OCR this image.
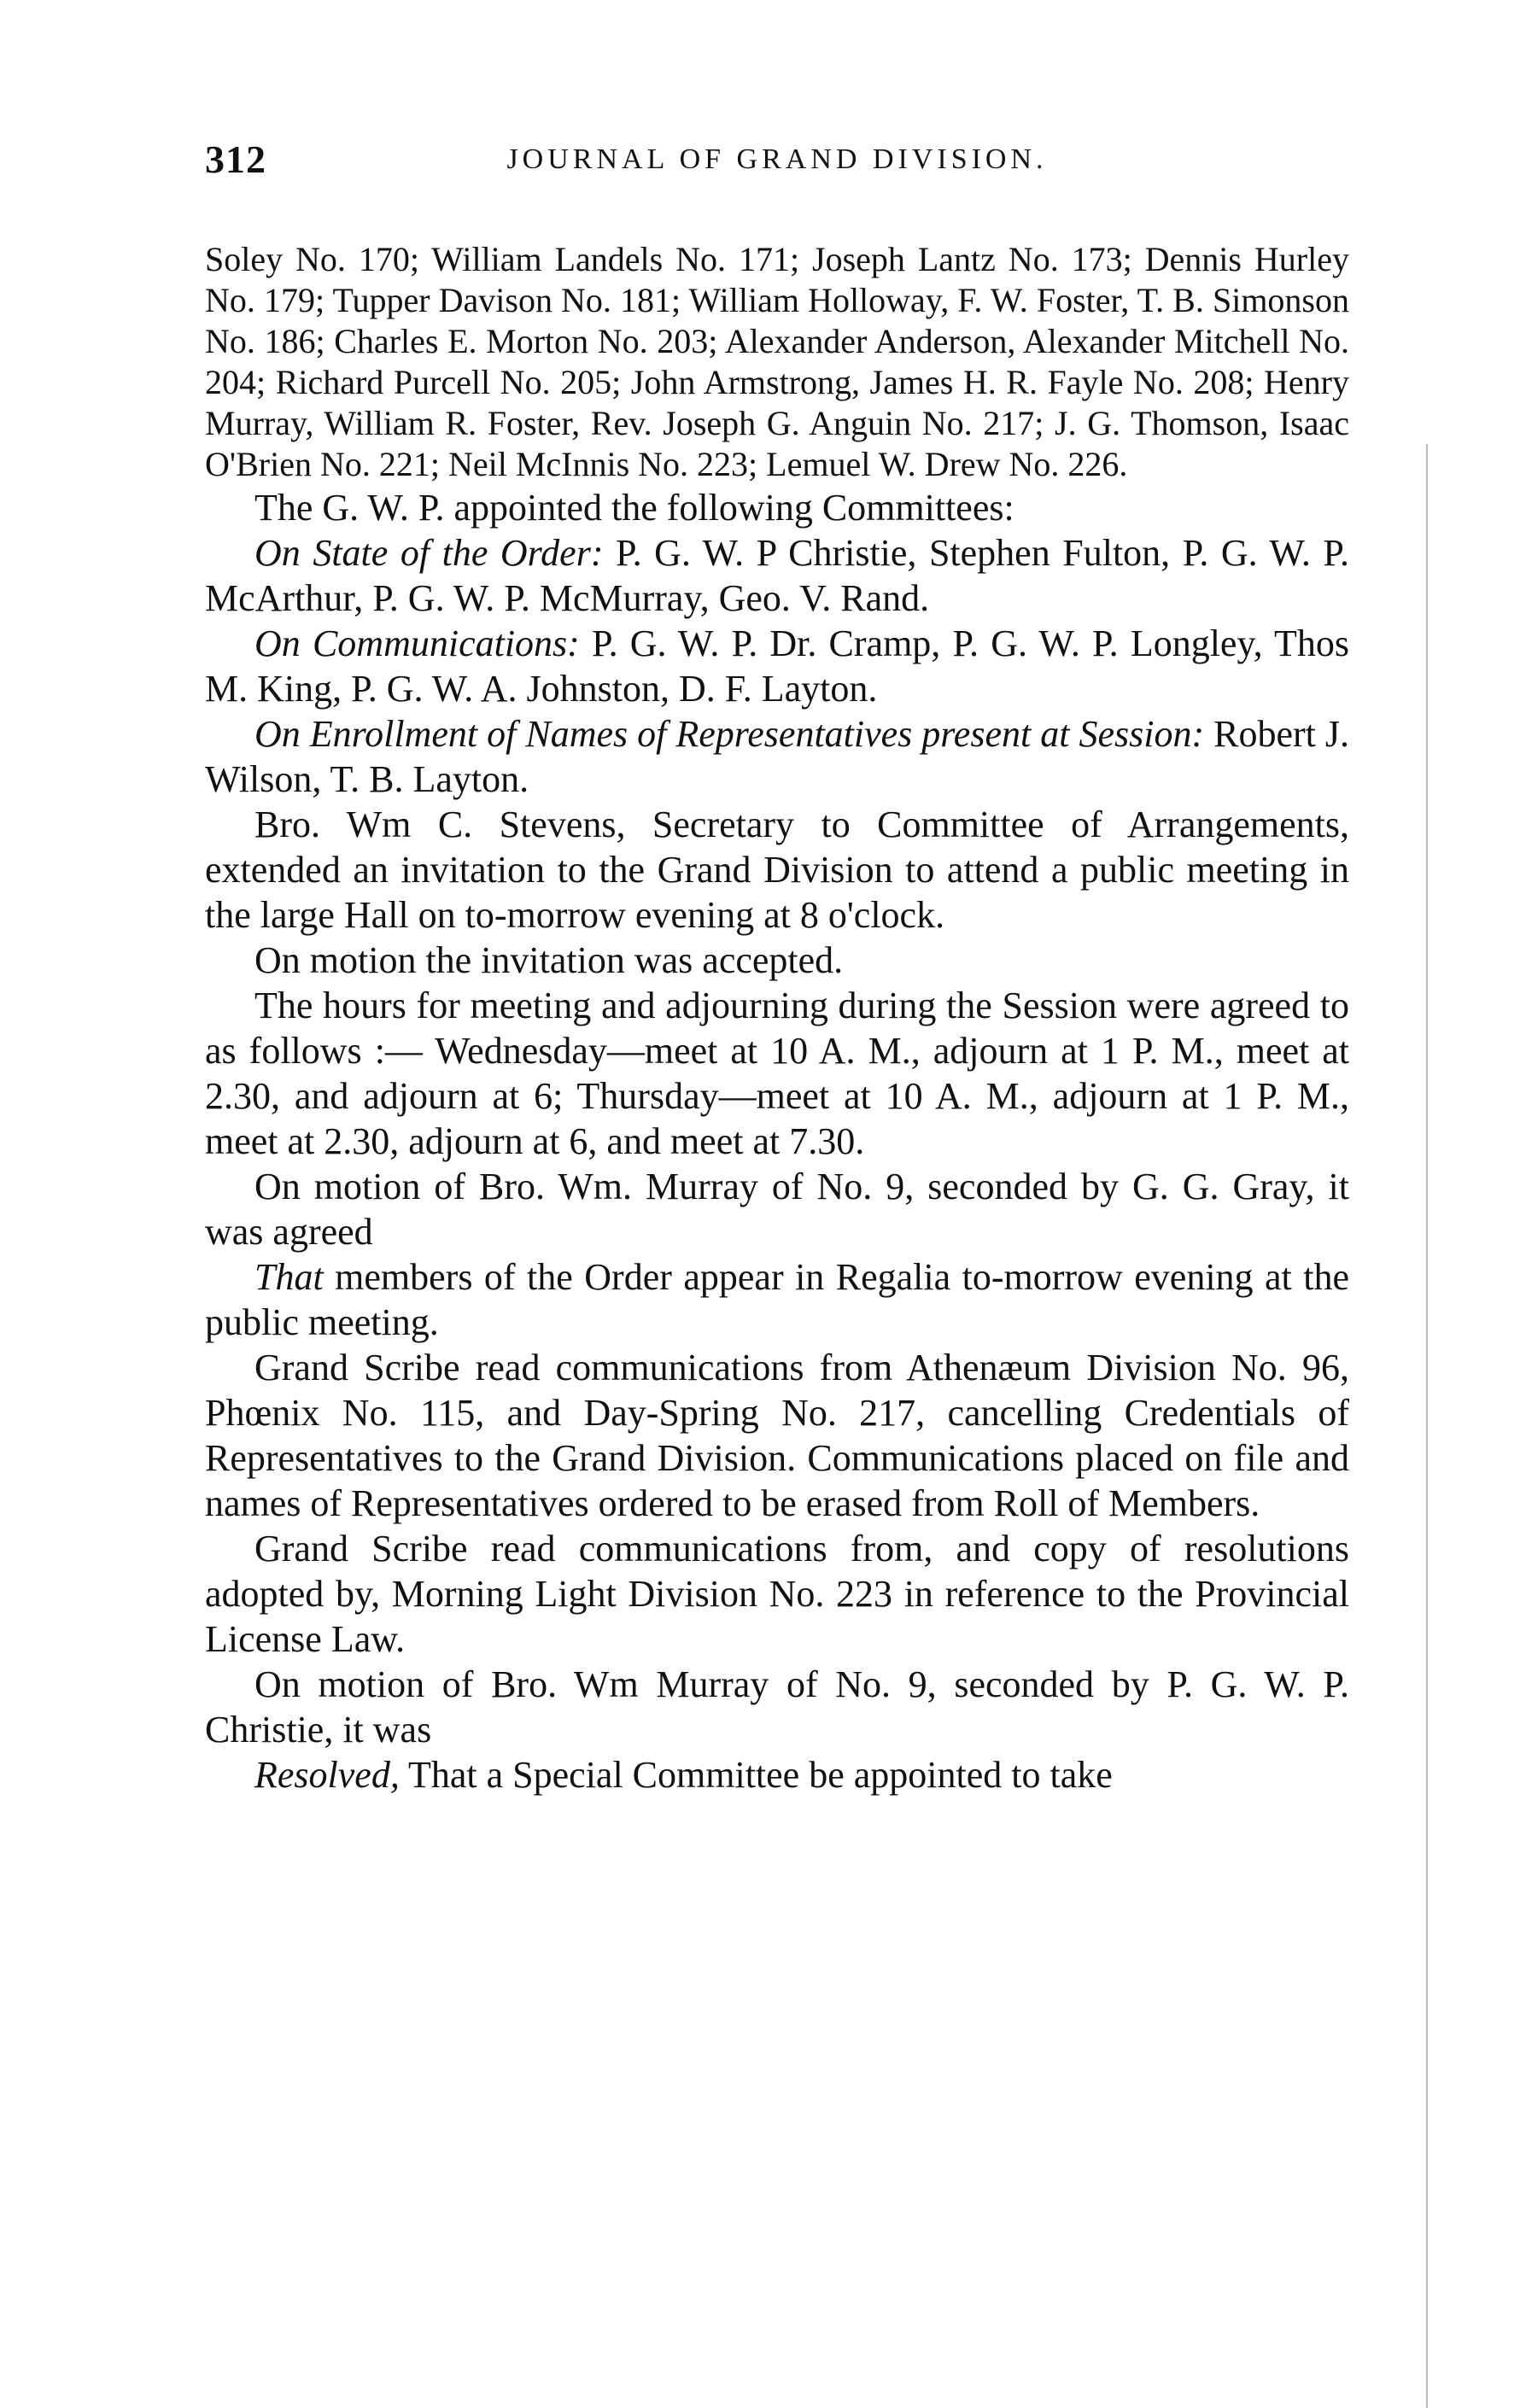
312	JOURNAL OF GRAND DIVISION.

Soley No. 170; William Landels No. 171; Joseph Lantz No. 173; Dennis Hurley No. 179; Tupper Davison No. 181; William Holloway, F. W. Foster, T. B. Simonson No. 186; Charles E. Morton No. 203; Alexander Anderson, Alexander Mitchell No. 204; Richard Purcell No. 205; John Armstrong, James H. R. Fayle No. 208; Henry Murray, William R. Foster, Rev. Joseph G. Anguin No. 217; J. G. Thomson, Isaac O'Brien No. 221; Neil McInnis No. 223; Lemuel W. Drew No. 226.

The G. W. P. appointed the following Committees:

On State of the Order: P. G. W. P Christie, Stephen Fulton, P. G. W. P. McArthur, P. G. W. P. McMurray, Geo. V. Rand.

On Communications: P. G. W. P. Dr. Cramp, P. G. W. P. Longley, Thos M. King, P. G. W. A. Johnston, D. F. Layton.

On Enrollment of Names of Representatives present at Session: Robert J. Wilson, T. B. Layton.

Bro. Wm C. Stevens, Secretary to Committee of Arrangements, extended an invitation to the Grand Division to attend a public meeting in the large Hall on to-morrow evening at 8 o'clock.

On motion the invitation was accepted.

The hours for meeting and adjourning during the Session were agreed to as follows :— Wednesday—meet at 10 A. M., adjourn at 1 P. M., meet at 2.30, and adjourn at 6; Thursday—meet at 10 A. M., adjourn at 1 P. M., meet at 2.30, adjourn at 6, and meet at 7.30.

On motion of Bro. Wm. Murray of No. 9, seconded by G. G. Gray, it was agreed

That members of the Order appear in Regalia to-morrow evening at the public meeting.

Grand Scribe read communications from Athenæum Division No. 96, Phœnix No. 115, and Day-Spring No. 217, cancelling Credentials of Representatives to the Grand Division. Communications placed on file and names of Representatives ordered to be erased from Roll of Members.

Grand Scribe read communications from, and copy of resolutions adopted by, Morning Light Division No. 223 in reference to the Provincial License Law.

On motion of Bro. Wm Murray of No. 9, seconded by P. G. W. P. Christie, it was

Resolved, That a Special Committee be appointed to take
